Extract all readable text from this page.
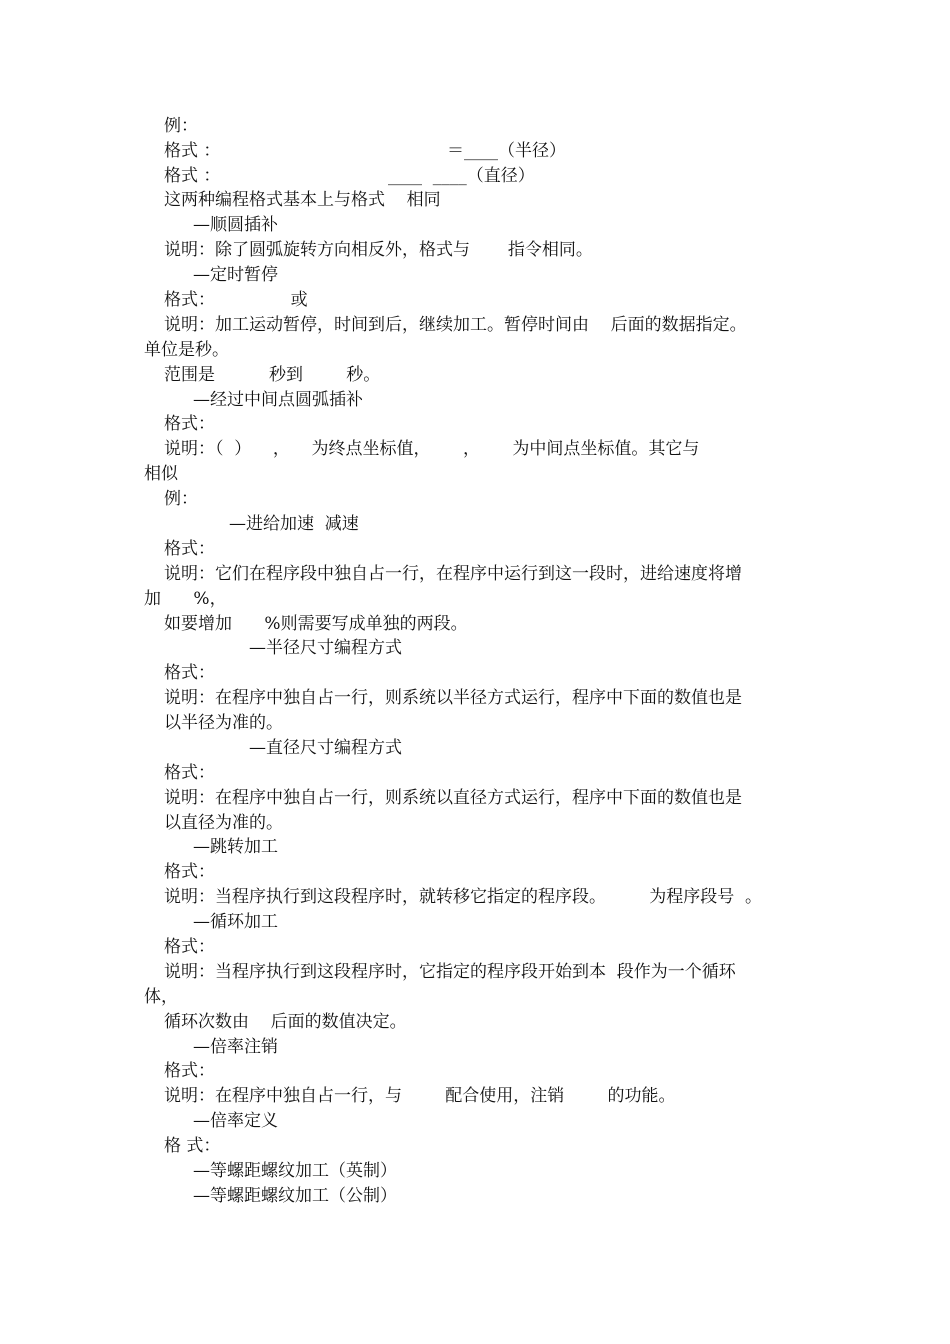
例：
格式 ：	＝____（半径）
格式 ：	____  ____（直径）
这两种编程格式基本上与格式    相同
—顺圆插补
说明：除了圆弧旋转方向相反外，格式与       指令相同。
—定时暂停
格式：              或
说明：加工运动暂停，时间到后，继续加工。暂停时间由    后面的数据指定。
单位是秒。
范围是          秒到        秒。
—经过中间点圆弧插补
格式：
说明：（  ）    ，    为终点坐标值，      ，      为中间点坐标值。其它与
相似
例：
—进给加速  减速
格式：
说明：它们在程序段中独自占一行，在程序中运行到这一段时，进给速度将增
加      %，
如要增加      %则需要写成单独的两段。
—半径尺寸编程方式
格式：
说明：在程序中独自占一行，则系统以半径方式运行，程序中下面的数值也是
以半径为准的。
—直径尺寸编程方式
格式：
说明：在程序中独自占一行，则系统以直径方式运行，程序中下面的数值也是
以直径为准的。
—跳转加工
格式：
说明：当程序执行到这段程序时，就转移它指定的程序段。        为程序段号  。
—循环加工
格式：
说明：当程序执行到这段程序时，它指定的程序段开始到本  段作为一个循环
体，
循环次数由    后面的数值决定。
—倍率注销
格式：
说明：在程序中独自占一行，与        配合使用，注销        的功能。
—倍率定义
格 式：
—等螺距螺纹加工（英制）
—等螺距螺纹加工（公制）
